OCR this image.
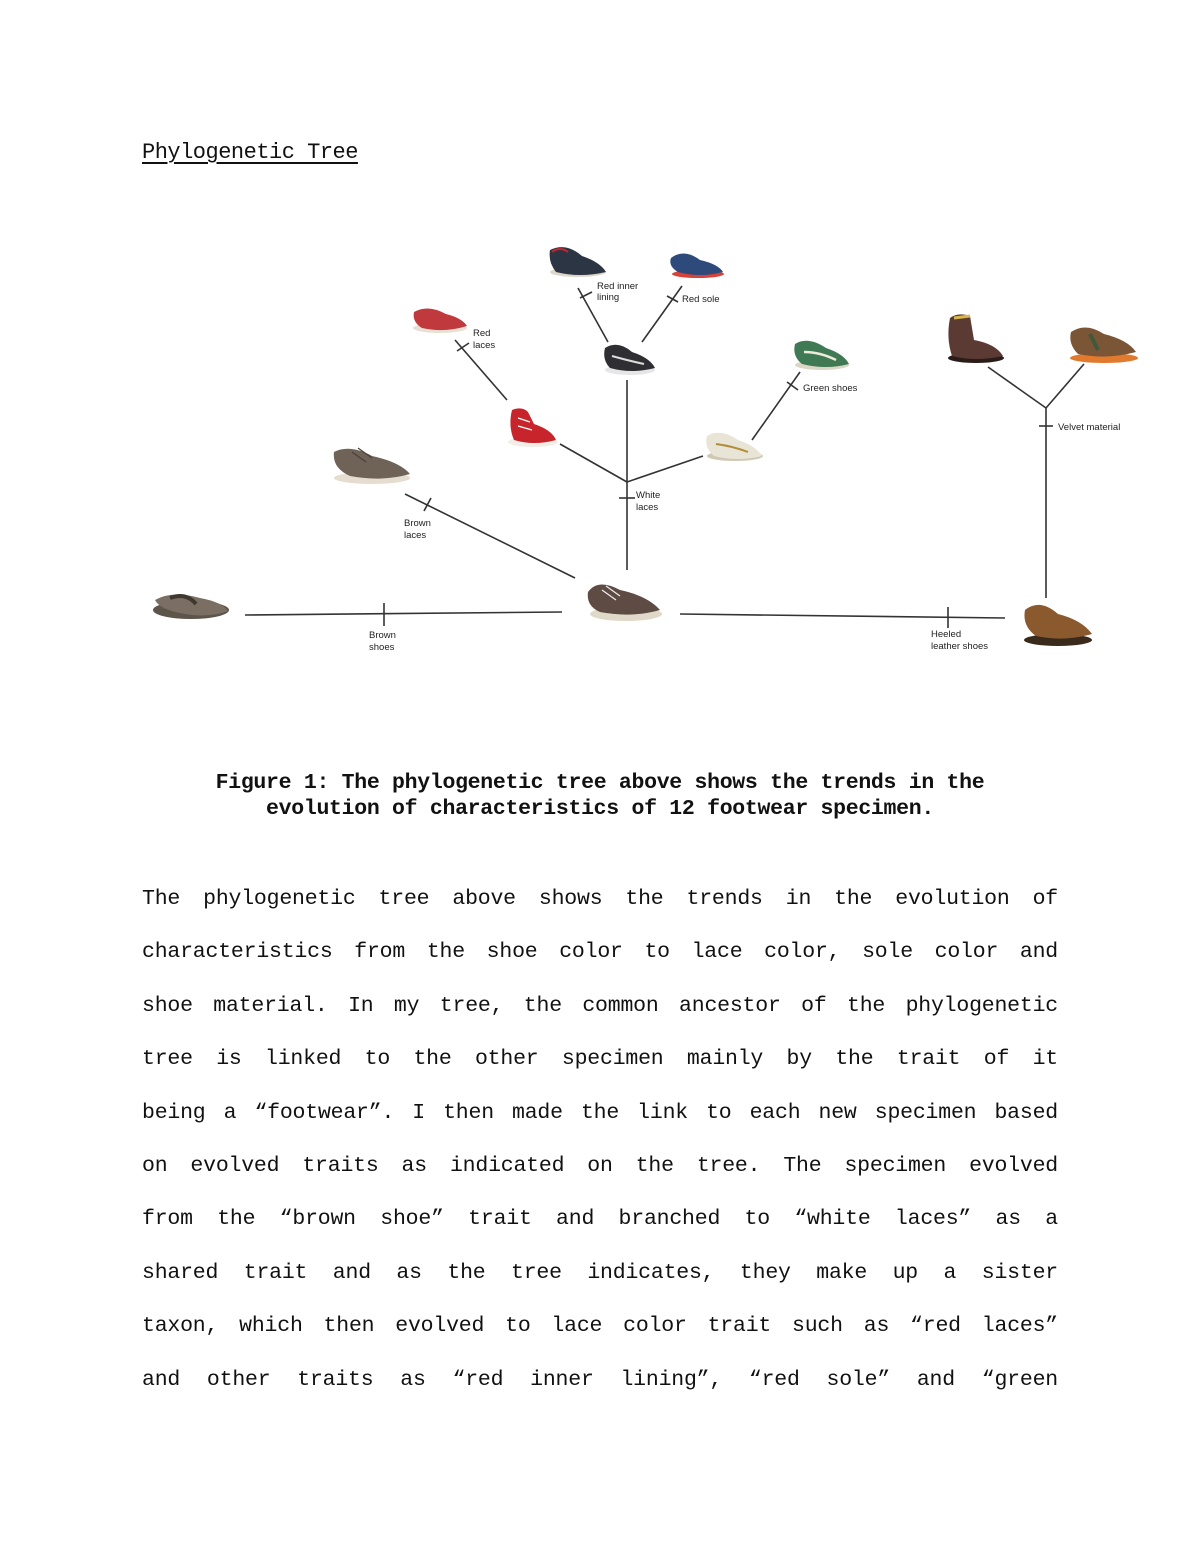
Phylogenetic Tree
Brown
shoes
Brown
laces
White
laces
Red
laces
Red inner
lining	Red sole
Green shoes
Heeled
leather shoes
Velvet material
Figure 1: The phylogenetic tree above shows the trends in the
evolution of characteristics of 12 footwear specimen.
The phylogenetic tree above shows the trends in the evolution of
characteristics from the shoe color to lace color, sole color and
shoe material. In my tree, the common ancestor of the phylogenetic
tree is linked to the other specimen mainly by the trait of it
being a “footwear”. I then made the link to each new specimen based
on evolved traits as indicated on the tree. The specimen evolved
from the “brown shoe” trait and branched to “white laces” as a
shared trait and as the tree indicates, they make up a sister
taxon, which then evolved to lace color trait such as “red laces”
and other traits as “red inner lining”, “red sole” and “green
